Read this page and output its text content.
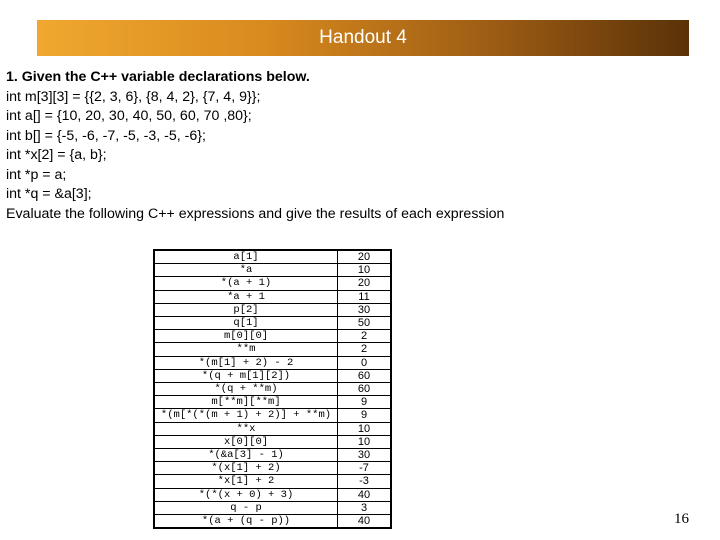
Handout 4
1. Given the C++ variable declarations below.
int m[3][3] = {{2, 3, 6}, {8, 4, 2}, {7, 4, 9}};
int a[] = {10, 20, 30, 40, 50, 60, 70 ,80};
int b[] = {-5, -6, -7, -5, -3, -5, -6};
int *x[2] = {a, b};
int *p = a;
int *q = &a[3];
Evaluate the following C++ expressions and give the results of each expression
a[1]	20
*a	10
*(a + 1)	20
*a + 1	11
p[2]	30
q[1]	50
m[0][0]	2
**m	2
*(m[1] + 2) - 2	0
*(q + m[1][2])	60
*(q + **m)	60
m[**m][**m]	9
*(m[*(*(m + 1) + 2)] + **m)	9
**x	10
x[0][0]	10
*(&a[3] - 1)	30
*(x[1] + 2)	-7
*x[1] + 2	-3
*(*(x + 0) + 3)	40
q - p	3
*(a + (q - p))	40	16
